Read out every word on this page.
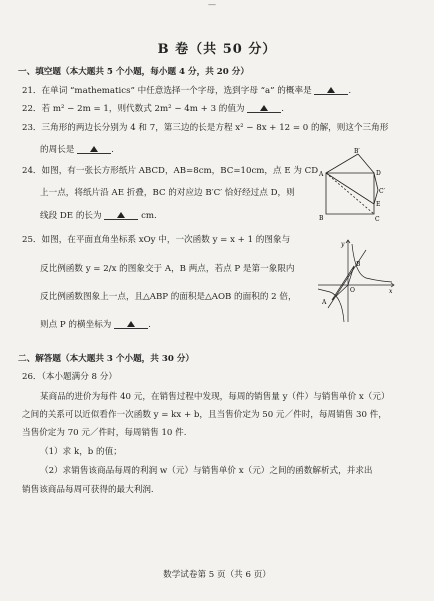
—
B 卷（共 50 分）
一、填空题（本大题共 5 个小题，每小题 4 分，共 20 分）
21．在单词 “mathematics” 中任意选择一个字母，选到字母 “a” 的概率是	.
22．若 m² − 2m = 1，则代数式 2m² − 4m + 3 的值为	.
23．三角形的两边长分别为 4 和 7，第三边的长是方程 x² − 8x + 12 = 0 的解，则这个三角形
的周长是	.
24．如图，有一张长方形纸片 ABCD，AB=8cm，BC=10cm，点 E 为 CD
上一点，将纸片沿 AE 折叠，BC 的对应边 B′C′ 恰好经过点 D，则
线段 DE 的长为	cm.
B′
A	D
C′
E
B	C
25．如图，在平面直角坐标系 xOy 中，一次函数 y = x + 1 的图象与
反比例函数 y = 2/x 的图象交于 A，B 两点，若点 P 是第一象限内
反比例函数图象上一点，且△ABP 的面积是△AOB 的面积的 2 倍，
则点 P 的横坐标为	.
y
x
O
A
B
二、解答题（本大题共 3 个小题，共 30 分）
26．（本小题满分 8 分）
某商品的进价为每件 40 元，在销售过程中发现，每周的销售量 y（件）与销售单价 x（元）
之间的关系可以近似看作一次函数 y = kx + b，且当售价定为 50 元／件时，每周销售 30 件，
当售价定为 70 元／件时，每周销售 10 件.
（1）求 k，b 的值；
（2）求销售该商品每周的利润 w（元）与销售单价 x（元）之间的函数解析式，并求出
销售该商品每周可获得的最大利润.
数学试卷第 5 页（共 6 页）
